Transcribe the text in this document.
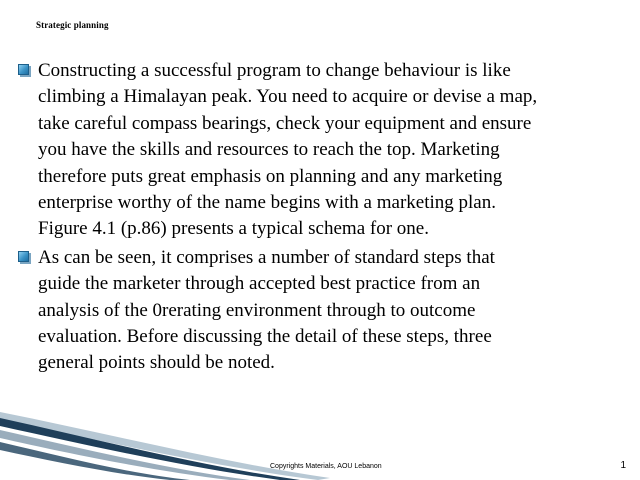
Strategic planning
Constructing a successful program to change behaviour is like
climbing a Himalayan peak. You need to acquire or devise a map,
take careful compass bearings, check your equipment and ensure
you have the skills and resources to reach the top. Marketing
therefore puts great emphasis on planning and any marketing
enterprise worthy of the name begins with a marketing plan.
Figure 4.1 (p.86) presents a typical schema for one.
As can be seen, it comprises a number of standard steps that
guide the marketer through accepted best practice from an
analysis of the 0rerating environment through to outcome
evaluation. Before discussing the detail of these steps, three
general points should be noted.
Copyrights Materials, AOU Lebanon	1
